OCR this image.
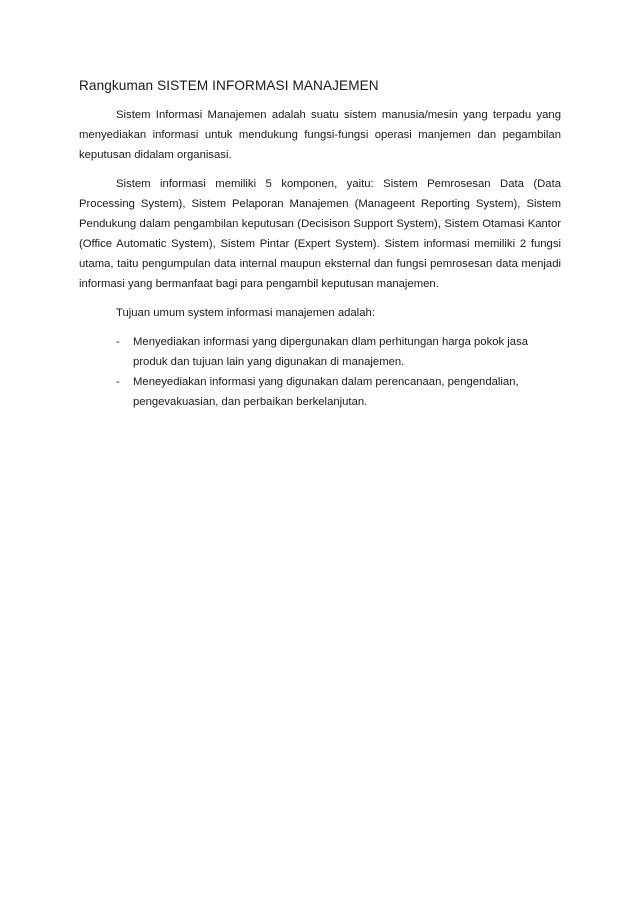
Rangkuman SISTEM INFORMASI MANAJEMEN

Sistem Informasi Manajemen adalah suatu sistem manusia/mesin yang terpadu yang menyediakan informasi untuk mendukung fungsi-fungsi operasi manjemen dan pegambilan keputusan didalam organisasi.

Sistem informasi memiliki 5 komponen, yaitu: Sistem Pemrosesan Data (Data Processing System), Sistem Pelaporan Manajemen (Manageent Reporting System), Sistem Pendukung dalam pengambilan keputusan (Decisison Support System), Sistem Otamasi Kantor (Office Automatic System), Sistem Pintar (Expert System). Sistem informasi memiliki 2 fungsi utama, taitu pengumpulan data internal maupun eksternal dan fungsi pemrosesan data menjadi informasi yang bermanfaat bagi para pengambil keputusan manajemen.

Tujuan umum system informasi manajemen adalah:

- Menyediakan informasi yang dipergunakan dlam perhitungan harga pokok jasa produk dan tujuan lain yang digunakan di manajemen.
- Meneyediakan informasi yang digunakan dalam perencanaan, pengendalian, pengevakuasian, dan perbaikan berkelanjutan.
